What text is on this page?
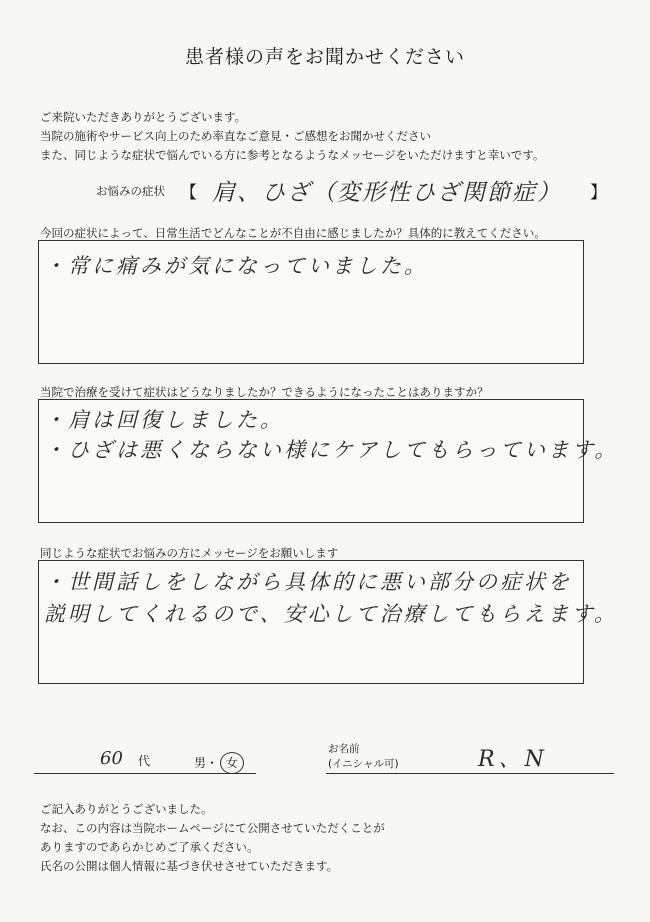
患者様の声をお聞かせください
ご来院いただきありがとうございます。
当院の施術やサービス向上のため率直なご意見・ご感想をお聞かせください
また、同じような症状で悩んでいる方に参考となるようなメッセージをいただけますと幸いです。
お悩みの症状 【 肩、ひざ（変形性ひざ関節症） 】
今回の症状によって、日常生活でどんなことが不自由に感じましたか？具体的に教えてください。
・常に痛みが気になっていました。
当院で治療を受けて症状はどうなりましたか？できるようになったことはありますか？
・肩は回復しました。
・ひざは悪くならない様にケアしてもらっています。
同じような症状でお悩みの方にメッセージをお願いします
・世間話しをしながら具体的に悪い部分の症状を
説明してくれるので、安心して治療してもらえます。
60 代	男・ 女
お名前
(イニシャル可)	R、N
ご記入ありがとうございました。
なお、この内容は当院ホームページにて公開させていただくことが
ありますのであらかじめご了承ください。
氏名の公開は個人情報に基づき伏せさせていただきます。
